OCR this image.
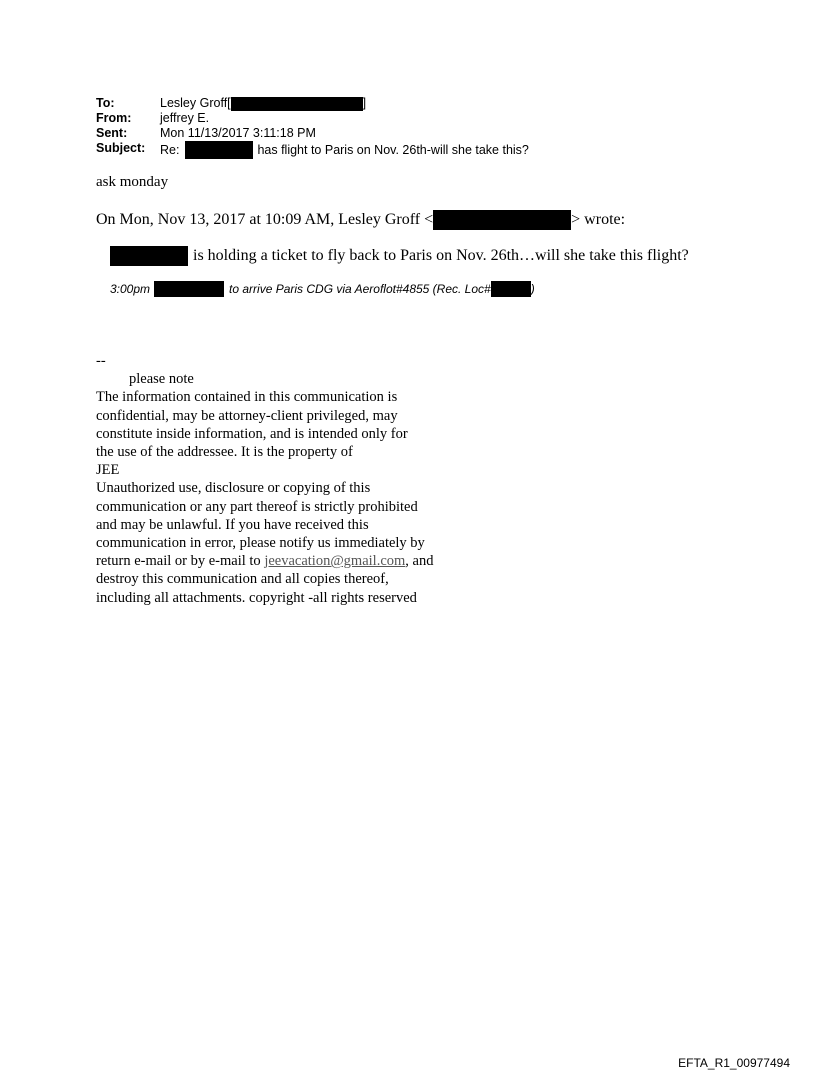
To:	Lesley Groff[	]
From:	jeffrey E.
Sent:	Mon 11/13/2017 3:11:18 PM
Subject:	Re:	has flight to Paris on Nov. 26th-will she take this?
ask monday
On Mon, Nov 13, 2017 at 10:09 AM, Lesley Groff <	> wrote:
is holding a ticket to fly back to Paris on Nov. 26th…will she take this flight?
3:00pm	to arrive Paris CDG via Aeroflot#4855 (Rec. Loc#	)
--
please note
The information contained in this communication is
confidential, may be attorney-client privileged, may
constitute inside information, and is intended only for
the use of the addressee. It is the property of
JEE
Unauthorized use, disclosure or copying of this
communication or any part thereof is strictly prohibited
and may be unlawful. If you have received this
communication in error, please notify us immediately by
return e-mail or by e-mail to jeevacation@gmail.com, and
destroy this communication and all copies thereof,
including all attachments. copyright -all rights reserved
EFTA_R1_00977494
